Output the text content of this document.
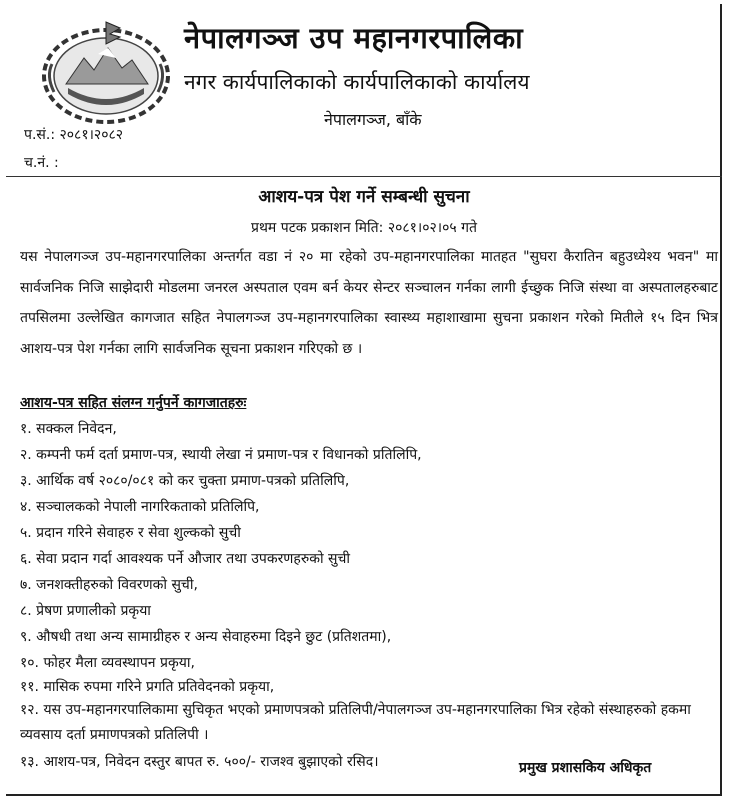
नेपालगञ्ज उप महानगरपालिका
नगर कार्यपालिकाको कार्यपालिकाको कार्यालय
नेपालगञ्ज, बाँके
प.सं.: २०८१।२०८२
च.नं. :
आशय-पत्र पेश गर्ने सम्बन्धी सुचना
प्रथम पटक प्रकाशन मिति: २०८१।०२।०५ गते
यस नेपालगञ्ज उप-महानगरपालिका अन्तर्गत वडा नं २० मा रहेको उप-महानगरपालिका मातहत "सुघरा कैरातिन बहुउध्येश्य भवन" मा सार्वजनिक निजि साझेदारी मोडलमा जनरल अस्पताल एवम बर्न केयर सेन्टर सञ्चालन गर्नका लागी ईच्छुक निजि संस्था वा अस्पतालहरुबाट तपसिलमा उल्लेखित कागजात सहित नेपालगञ्ज उप-महानगरपालिका स्वास्थ्य महाशाखामा सुचना प्रकाशन गरेको मितीले १५ दिन भित्र आशय-पत्र पेश गर्नका लागि सार्वजनिक सूचना प्रकाशन गरिएको छ ।
आशय-पत्र सहित संलग्न गर्नुपर्ने कागजातहरुः
१. सक्कल निवेदन,
२. कम्पनी फर्म दर्ता प्रमाण-पत्र, स्थायी लेखा नं प्रमाण-पत्र र विधानको प्रतिलिपि,
३. आर्थिक वर्ष २०८०/०८१ को कर चुक्ता प्रमाण-पत्रको प्रतिलिपि,
४. सञ्चालकको नेपाली नागरिकताको प्रतिलिपि,
५. प्रदान गरिने सेवाहरु र सेवा शुल्कको सुची
६. सेवा प्रदान गर्दा आवश्यक पर्ने औजार तथा उपकरणहरुको सुची
७. जनशक्तीहरुको विवरणको सुची,
८. प्रेषण प्रणालीको प्रकृया
९. औषधी तथा अन्य सामाग्रीहरु र अन्य सेवाहरुमा दिइने छुट (प्रतिशतमा),
१०. फोहर मैला व्यवस्थापन प्रकृया,
११. मासिक रुपमा गरिने प्रगति प्रतिवेदनको प्रकृया,
१२. यस उप-महानगरपालिकामा सुचिकृत भएको प्रमाणपत्रको प्रतिलिपी/नेपालगञ्ज उप-महानगरपालिका भित्र रहेको संस्थाहरुको हकमा व्यवसाय दर्ता प्रमाणपत्रको प्रतिलिपी ।
१३. आशय-पत्र, निवेदन दस्तुर बापत रु. ५००/- राजश्व बुझाएको रसिद।	प्रमुख प्रशासकिय अधिकृत
